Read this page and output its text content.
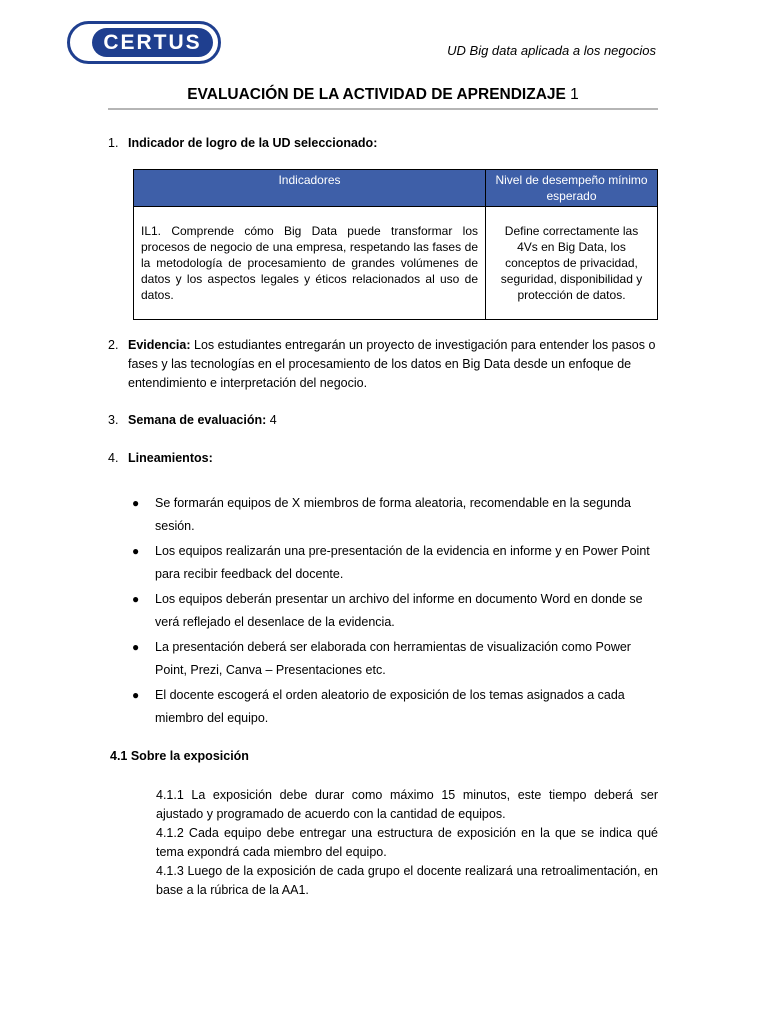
CERTUS	UD Big data aplicada a los negocios
EVALUACIÓN DE LA ACTIVIDAD DE APRENDIZAJE 1
1. Indicador de logro de la UD seleccionado:
Indicadores	Nivel de desempeño mínimo esperado
IL1. Comprende cómo Big Data puede transformar los procesos de negocio de una empresa, respetando las fases de la metodología de procesamiento de grandes volúmenes de datos y los aspectos legales y éticos relacionados al uso de datos.	Define correctamente las 4Vs en Big Data, los conceptos de privacidad, seguridad, disponibilidad y protección de datos.
2. Evidencia: Los estudiantes entregarán un proyecto de investigación para entender los pasos o fases y las tecnologías en el procesamiento de los datos en Big Data desde un enfoque de entendimiento e interpretación del negocio.
3. Semana de evaluación: 4
4. Lineamientos:
● Se formarán equipos de X miembros de forma aleatoria, recomendable en la segunda sesión.
● Los equipos realizarán una pre-presentación de la evidencia en informe y en Power Point para recibir feedback del docente.
● Los equipos deberán presentar un archivo del informe en documento Word en donde se verá reflejado el desenlace de la evidencia.
● La presentación deberá ser elaborada con herramientas de visualización como Power Point, Prezi, Canva – Presentaciones etc.
● El docente escogerá el orden aleatorio de exposición de los temas asignados a cada miembro del equipo.
4.1 Sobre la exposición

4.1.1 La exposición debe durar como máximo 15 minutos, este tiempo deberá ser ajustado y programado de acuerdo con la cantidad de equipos.

4.1.2 Cada equipo debe entregar una estructura de exposición en la que se indica qué tema expondrá cada miembro del equipo.

4.1.3 Luego de la exposición de cada grupo el docente realizará una retroalimentación, en base a la rúbrica de la AA1.
